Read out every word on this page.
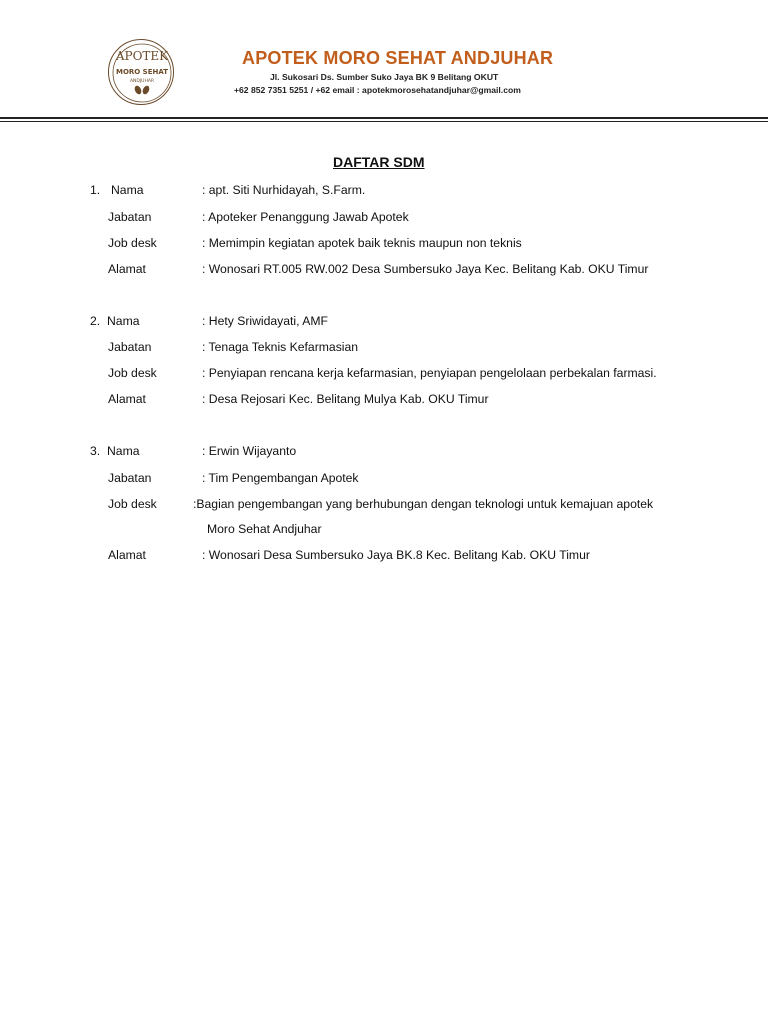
APOTEK
MORO SEHAT
ANDJUHAR
APOTEK MORO SEHAT ANDJUHAR
Jl. Sukosari Ds. Sumber Suko Jaya BK 9 Belitang OKUT
+62 852 7351 5251 / +62 email : apotekmorosehatandjuhar@gmail.com
DAFTAR SDM
1. Nama	: apt. Siti Nurhidayah, S.Farm.
Jabatan	: Apoteker Penanggung Jawab Apotek
Job desk	: Memimpin kegiatan apotek baik teknis maupun non teknis
Alamat	: Wonosari RT.005 RW.002 Desa Sumbersuko Jaya Kec. Belitang Kab. OKU Timur
2. Nama	: Hety Sriwidayati, AMF
Jabatan	: Tenaga Teknis Kefarmasian
Job desk	: Penyiapan rencana kerja kefarmasian, penyiapan pengelolaan perbekalan farmasi.
Alamat	: Desa Rejosari Kec. Belitang Mulya Kab. OKU Timur
3. Nama	: Erwin Wijayanto
Jabatan	: Tim Pengembangan Apotek
Job desk	:Bagian pengembangan yang berhubungan dengan teknologi untuk kemajuan apotek
Moro Sehat Andjuhar
Alamat	: Wonosari Desa Sumbersuko Jaya BK.8 Kec. Belitang Kab. OKU Timur
